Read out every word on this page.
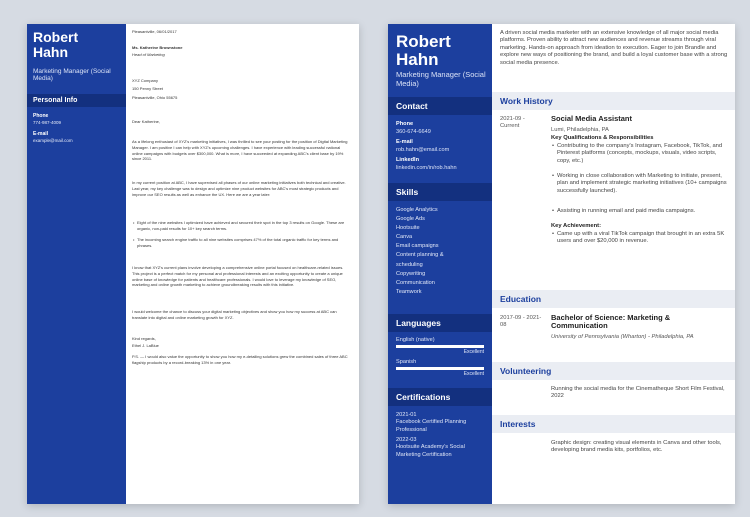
Robert Hahn
Marketing Manager (Social Media)
Personal Info
Phone
774-987-4009
E-mail
example@mail.com
Pleasantville, 06/01/2017
Ms. Katherine Brownstone
Head of Marketing
XYZ Company
150 Penny Street
Pleasantville, Ohio 55675
Dear Katherine,
As a lifelong enthusiast of XYZ's marketing initiatives, I was thrilled to see your posting for the position of Digital Marketing Manager. I am positive I can help with XYZ's upcoming challenges. I have experience with leading successful national online campaigns with budgets over $300,000. What is more, I have succeeded at expanding ABC's client base by 19% since 2011.
In my current position at ABC, I have supervised all phases of our online marketing initiatives both technical and creative. Last year, my key challenge was to design and optimize nine product websites for ABC's most strategic products and improve our SEO results as well as enhance the UX. Here we are a year later:
• Eight of the nine websites I optimized have achieved and secured their spot in the top 3 results on Google. These are organic, non-paid results for 10+ key search terms.
• The incoming search engine traffic to all nine websites comprises 47% of the total organic traffic for key terms and phrases.
I know that XYZ's current plans involve developing a comprehensive online portal focused on healthcare-related issues. This project is a perfect match for my personal and professional interests and an exciting opportunity to create a unique online base of knowledge for patients and healthcare professionals. I would love to leverage my knowledge of SEO, marketing and online growth marketing to achieve groundbreaking results with this initiative.
I would welcome the chance to discuss your digital marketing objectives and show you how my success at ABC can translate into digital and online marketing growth for XYZ.
Kind regards,
Ethel J. LaBlue
P.S. — I would also value the opportunity to show you how my e-detailing solutions grew the combined sales of three ABC flagship products by a record-breaking 13% in one year.
Robert Hahn
Marketing Manager (Social Media)
Contact
Phone
360-674-6649
E-mail
rob.hahn@email.com
LinkedIn
linkedin.com/in/rob.hahn
Skills
Google Analytics
Google Ads
Hootsuite
Canva
Email campaigns
Content planning &
scheduling
Copywriting
Communication
Teamwork
Languages
English (native)
Excellent
Spanish
Excellent
Certifications
2021-01
Facebook Certified Planning Professional
2022-03
Hootsuite Academy's Social Marketing Certification
A driven social media marketer with an extensive knowledge of all major social media platforms. Proven ability to attract new audiences and revenue streams through viral marketing. Hands-on approach from ideation to execution. Eager to join Brandle and explore new ways of positioning the brand, and build a loyal customer base with a strong social media presence.
Work History
2021-09 - Current
Social Media Assistant
Lumi, Philadelphia, PA
Key Qualifications & Responsibilities
• Contributing to the company's Instagram, Facebook, TikTok, and Pinterest platforms (concepts, mockups, visuals, video scripts, copy, etc.)
• Working in close collaboration with Marketing to initiate, present, plan and implement strategic marketing initiatives (10+ campaigns successfully launched).
• Assisting in running email and paid media campaigns.
Key Achievement:
• Came up with a viral TikTok campaign that brought in an extra 5K users and over $20,000 in revenue.
Education
2017-09 - 2021-08
Bachelor of Science: Marketing & Communication
University of Pennsylvania (Wharton) - Philadelphia, PA
Volunteering
Running the social media for the Cinematheque Short Film Festival, 2022
Interests
Graphic design: creating visual elements in Canva and other tools, developing brand media kits, portfolios, etc.
